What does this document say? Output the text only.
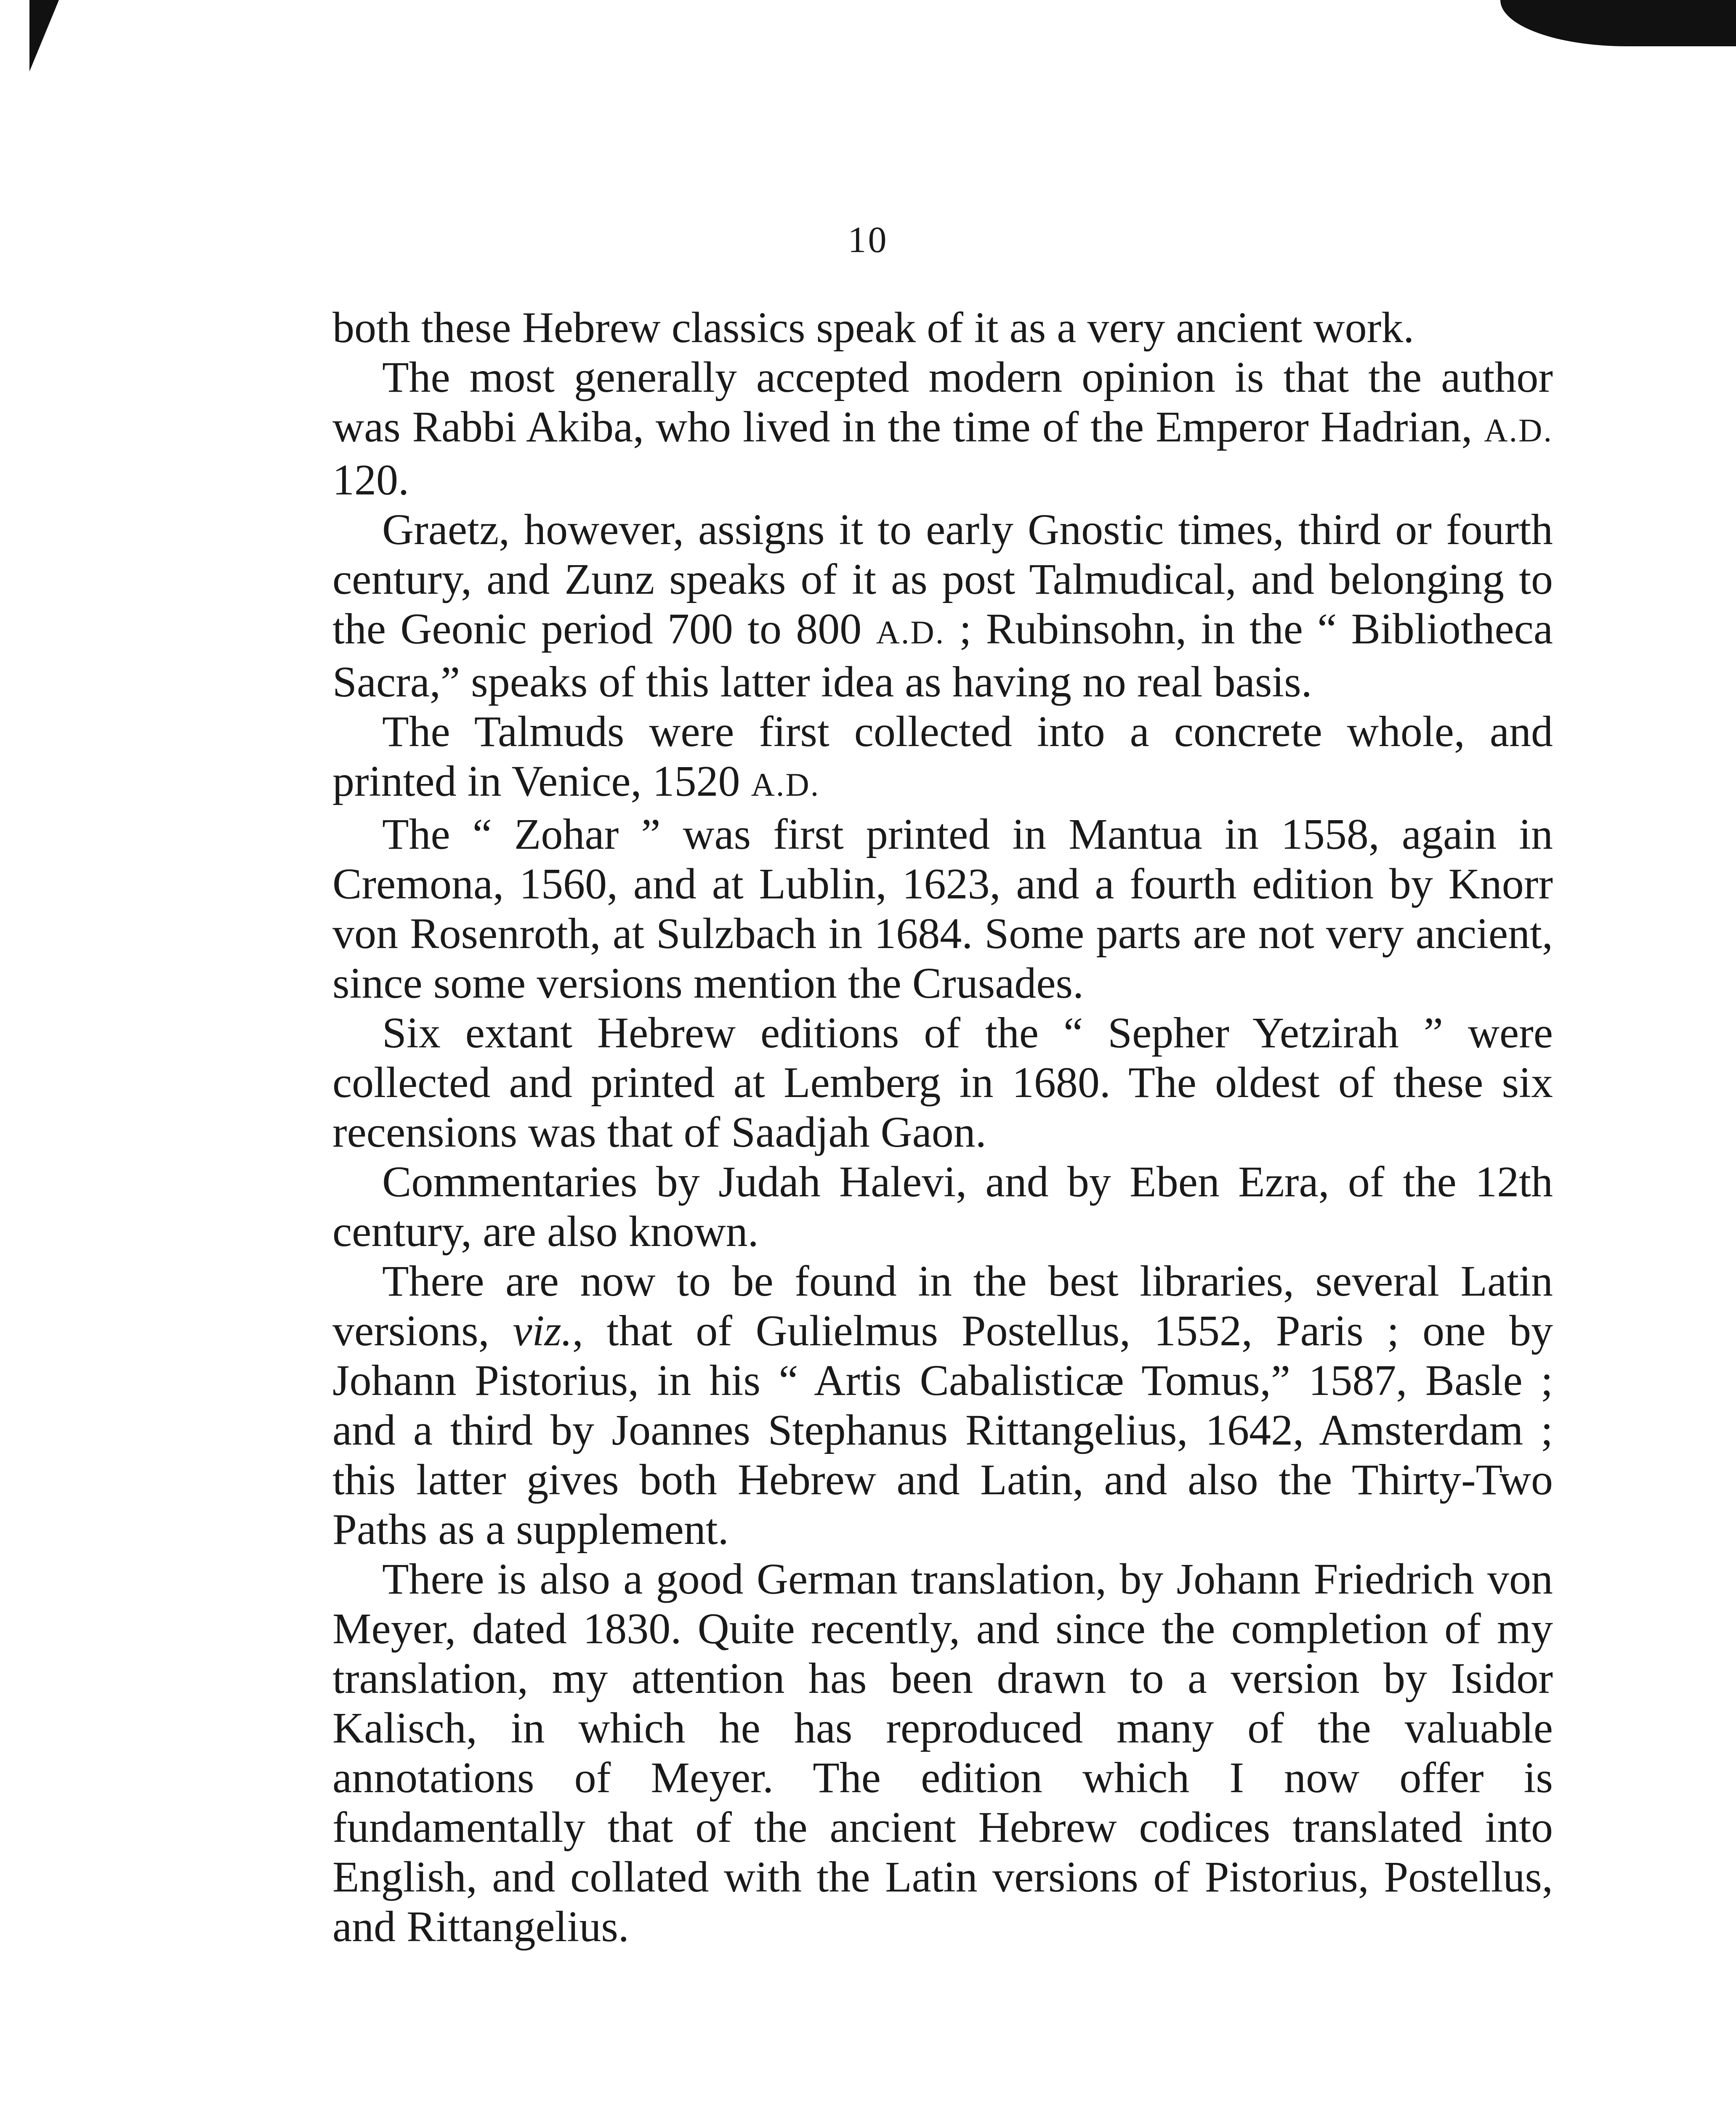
10

both these Hebrew classics speak of it as a very ancient work.

The most generally accepted modern opinion is that the author was Rabbi Akiba, who lived in the time of the Emperor Hadrian, A.D. 120.

Graetz, however, assigns it to early Gnostic times, third or fourth century, and Zunz speaks of it as post Talmudical, and belonging to the Geonic period 700 to 800 A.D. ; Rubinsohn, in the “ Bibliotheca Sacra,” speaks of this latter idea as having no real basis.

The Talmuds were first collected into a concrete whole, and printed in Venice, 1520 A.D.

The “ Zohar ” was first printed in Mantua in 1558, again in Cremona, 1560, and at Lublin, 1623, and a fourth edition by Knorr von Rosenroth, at Sulzbach in 1684. Some parts are not very ancient, since some versions mention the Crusades.

Six extant Hebrew editions of the “ Sepher Yetzirah ” were collected and printed at Lemberg in 1680. The oldest of these six recensions was that of Saadjah Gaon.

Commentaries by Judah Halevi, and by Eben Ezra, of the 12th century, are also known.

There are now to be found in the best libraries, several Latin versions, viz., that of Gulielmus Postellus, 1552, Paris ; one by Johann Pistorius, in his “ Artis Cabalisticæ Tomus,” 1587, Basle ; and a third by Joannes Stephanus Rittangelius, 1642, Amsterdam ; this latter gives both Hebrew and Latin, and also the Thirty-Two Paths as a supplement.

There is also a good German translation, by Johann Friedrich von Meyer, dated 1830. Quite recently, and since the completion of my translation, my attention has been drawn to a version by Isidor Kalisch, in which he has reproduced many of the valuable annotations of Meyer. The edition which I now offer is fundamentally that of the ancient Hebrew codices translated into English, and collated with the Latin versions of Pistorius, Postellus, and Rittangelius.
